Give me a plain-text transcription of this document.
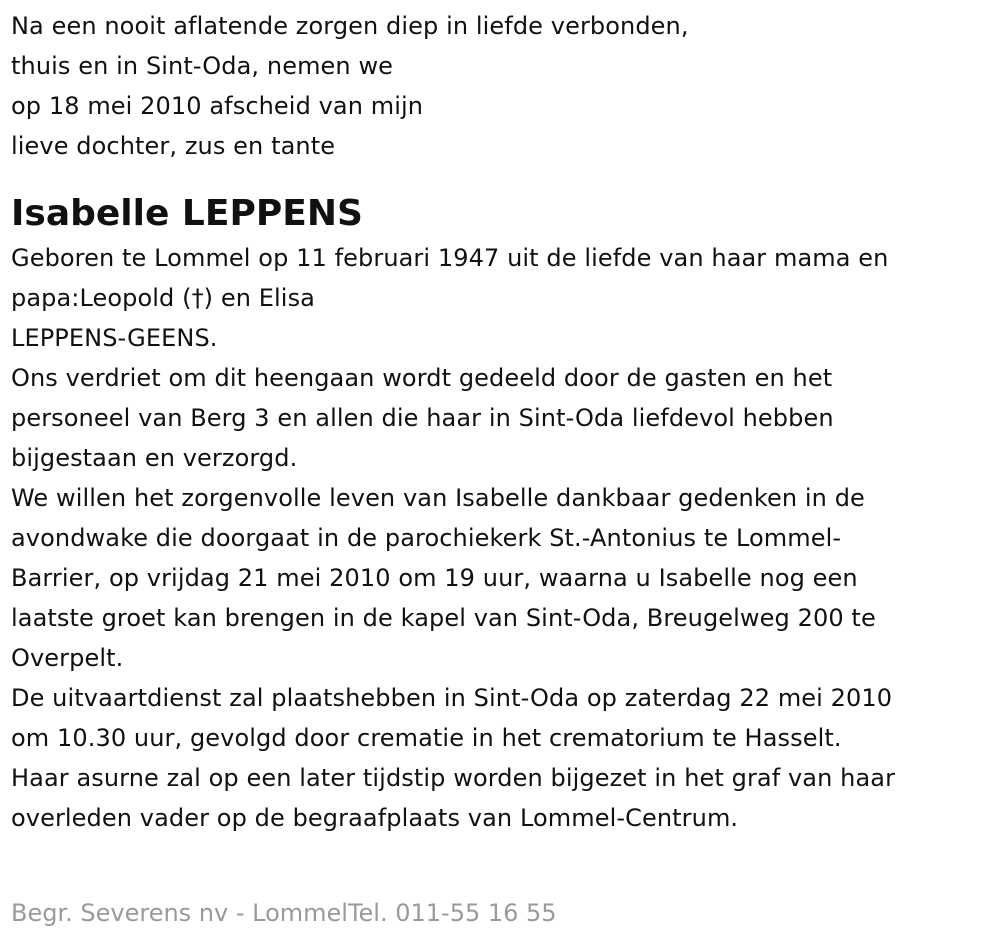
Na een nooit aflatende zorgen diep in liefde verbonden,
thuis en in Sint-Oda, nemen we
op 18 mei 2010 afscheid van mijn
lieve dochter, zus en tante
Isabelle LEPPENS
Geboren te Lommel op 11 februari 1947 uit de liefde van haar mama en
papa:Leopold (†) en Elisa
LEPPENS-GEENS.
Ons verdriet om dit heengaan wordt gedeeld door de gasten en het
personeel van Berg 3 en allen die haar in Sint-Oda liefdevol hebben
bijgestaan en verzorgd.
We willen het zorgenvolle leven van Isabelle dankbaar gedenken in de
avondwake die doorgaat in de parochiekerk St.-Antonius te Lommel-
Barrier, op vrijdag 21 mei 2010 om 19 uur, waarna u Isabelle nog een
laatste groet kan brengen in de kapel van Sint-Oda, Breugelweg 200 te
Overpelt.
De uitvaartdienst zal plaatshebben in Sint-Oda op zaterdag 22 mei 2010
om 10.30 uur, gevolgd door crematie in het crematorium te Hasselt.
Haar asurne zal op een later tijdstip worden bijgezet in het graf van haar
overleden vader op de begraafplaats van Lommel-Centrum.
Begr. Severens nv - LommelTel. 011-55 16 55
